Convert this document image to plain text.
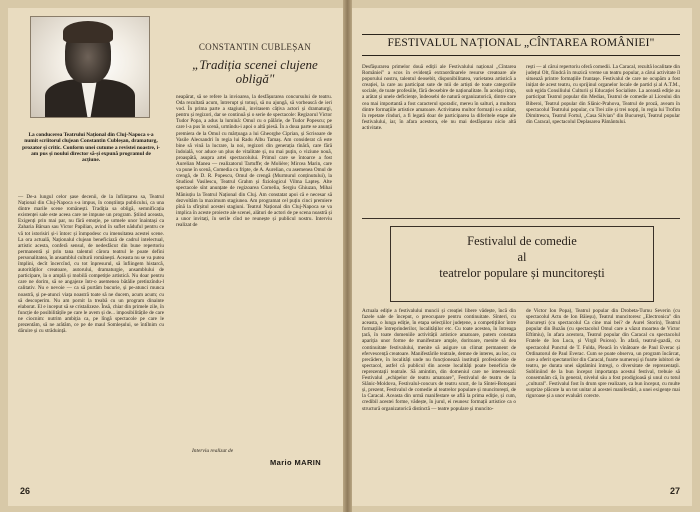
La conducerea Teatrului Național din Cluj-Napoca s-a numit scriitorul clujean Constantin Cubleșan, dramaturg, prozator și critic. Conform unei cutume a revistei noastre, i-am pus și noului director să-și expună programul de acțiune.
CONSTANTIN CUBLEȘAN
„Tradiția scenei clujene obligă"
— De-a lungul celor șase decenii, de la înființarea sa, Teatrul Național din Cluj-Napoca s-a impus, în conștiința publicului, ca una dintre marile scene românești. Tradiția sa obligă, semnificația existenței sale este aceea care ne impune un program. Știind aceasta, Exigenți prin mai par, nu fără emoție, pe urmele unor înaintași ca Zaharia Bârsan sau Victor Papilian, avind în suflet năduful pentru ce vă tot istorisiri și-i întorc și înmpodesc cu imensitatea acestei scene. La ora actuală, Naționalul clujean beneficiază de cadrul intelectual, artistic acesta, conferă sensul, de nedesfăcut din bune repertoriu permanentă și prin tana talentul cărora teatrul le poate defini personalitatea, în ansamblul culturii românești. Aceasta nu se va putea împlini, decît încercînd, cu tot înpresurul, să înfiingem histarcă, autorităților creatoare, autorului, dramaturgie, ansamblului de participare, la o amplă și mobilă competiție artistică. Nu doar pentru care ne dorim, să se angajeze într-o asemenea bătălie pretinzîndu-l calitativ. Nu e nevoie — ca să purtăm bucurie, și pe-atunci munca noastră, și pe-atunci viața noastră toate să ne ducem, acum acum; cu să descoperim. Nu am pornit la treabă cu un program dinainte elaborat. El e inceput să se cristalizeze. Însă, chiar din primele zile, în funcție de posibilitățile pe care le avem și de... imposibilitățile de care ne ciocnim: nutrim ambiția ca, pe lîngă spectacole pe care le prezentăm, să ne arătăm, ce pe de maul Somleșului, se întîlnim cu dăruire și cu străduință.
neapărat, să se refere la invioarea, la desfășurarea concursului de teatru. Oda rezultată acum, întrerupt și totuși, să nu ajungă, să vorbească de ieri vod. În prima parte a stagiunii, invitasem câțiva actori și dramaturgi, pentru și regizori, dar se continuă și o serie de spectacole: Regizorul Victor Tudor Popa, a adus la lumină: Omul cu o pălărie, de Tudor Popescu; pe care l-a pus în scenă, urmîndu-i apoi o altă piesă. În a doua parte se anunță premiera de la Omul cu mârțoaga a lui Gheorghe Ciprian, și Scrisoare de Vasile Alecsandri în regia lui Radu Albu Tamaș. Am considerat că este bine să vină la lucrare, la noi, regizori din generația tînără, care fără îndoială, vor aduce un plus de vitalitate și, nu mai puțin, o viziune nouă, proaspătă, asupra artei spectacolului. Primul care se întoarce a fost Aurelian Manea — realizatorul Tartuffe; de Molière; Mircea Marin, care va pune în scenă, Comedia cu fripte, de A. Aurelian, cu asemenea Omul de crengă, de D. R. Popescu, Omul de crengă (Murmurul conținutului), la Studioul Vasilescu, Teatrul Grahm și fiziologicul Vilma Lapteș. Alte spectacole sînt anunțate de regizoarea Cornelia, Sergiu Ghiuzan, Mihai Măniuțiu la Teatrul Național din Cluj. Am constatat apoi că e necesar să dezvoltăm la maximum stagiunea. Am programat cel puțin cinci premiere pînă la sfîrșitul acestei stagiuni. Teatrul Național din Cluj-Napoca se va implica în aceste proiecte ale scenei, alături de actori de pe scena noastră și a unor invitați, în serile cînd ne reunește și publicul nostru. Interviu realizat de
Interviu realizat de
Mario MARIN
26
FESTIVALUL NAȚIONAL „CÎNTAREA ROMÂNIEI"
Desfășurarea primelor două ediții ale Festivalului național „Cîntarea României" a scos în evidență extraordinarele resurse creatoare ale poporului nostru, talentul deosebit, disponibilitatea, varietatea artistică a creației, la care au participat sute de mii de artiști de toate categoriile sociale, de toate profesiile, fără deosebire de naționalitate. În același timp, a arătat și unele deficiențe, îndeosebi de natură organizatorică, dintre care cea mai importantă a fost caracterul sporadic, mereu în salturi, a multora dintre formațiile artistice amatoare. Activitatea multor formații s-a arătat, în repetate rînduri, a fi legată doar de participarea la diferitele etape ale festivalului, iar, în afara acestora, ele nu mai desfășurau nicio altă activitate.
rești — al cărui repertoriu oferă comedii. La Caracal, rezultă localitate din județul Olt, fiindcă în muzică vreme un teatru popular, a cărui activitate îl situează printre formațiile fruntașe. Festivalul de care ne ocupăm a fost inițiat de acest teatru, cu sprijinul organelor locale de partid și al A.T.M., sub egida Consiliului Culturii și Educației Socialiste. La această ediție au participat Teatrul popular din Medias, Teatrul de comedie al Liceului din Biberoi, Teatrul popular din Slănic-Prahova, Teatrul de proză, aveam în spectacolul Teatrului popular, cu Trei zile și trei nopți, în regia lui Trofim Dimitrescu, Teatrul Fortul, „Casa Silvian" din București, Teatrul popular din Caracal, spectacolul Deplasarea Pământului.
Festivalul de comedie
al
teatrelor populare și muncitorești
Actuala ediție a festivalului muncii și creației libere vădește, încă din fazele sale de început, o preocupare pentru continuitate. Sînteri, cu aceasta, o lunga ediție, în etapa selecțiilor județene, a competițiilor între formațiile întreprinderilor, localităților etc. Cu toate acestea, în întreaga țară, în toate domeniile activității artistice amatoare, putem constata apariția unor forme de manifestare ample, doritoare, menite să dea continuitate festivalului, menite să asigure un climat permanent de efervescență creatoare. Manifestările teatrale, demne de interes, au loc, cu precădere, în localități unde nu funcționează instituții profesioniste de spectacol, astfel că publicul din aceste localități poate beneficia de reprezentații teatrale. Să amintim, din domeniul care ne interesează: Festivalul „echipelor de teatru amatoare", Festivalul de teatru de la Slănic-Moldova, Festivalul-concurs de teatru scurt, de la Sîntei-Botoșani și, prezent, Festivalul de comedie al teatrelor populare și muncitorești, de la Caracal. Aceasta din urmă manifestare se află la prima ediție, și cum, credibil acestei forme, vădește, în jurul, ei reunesc formații artistice ca o structură organizatorică distinctă — teatre populare și muncito-
de Victor Ion Popa), Teatrul popular din Drobeta-Turnu Severin (cu spectacolul Actu de Ion Băieșu), Teatrul muncitoresc „Electronica" din București (cu spectacolul Ca cine mai bei? de Aurel Storin), Teatrul popular din Buzău (cu spectacolul Omul care a văzut moartea de Victor Eftimiu), în afara acestora, Teatrul popular din Caracal cu spectacolul Fratele de Ion Luca, și Virgil Puicea). În afară, teatrul-gazdă, cu spectacolul Punctul de T. Fulda, Pleacă în vînătoare de Paul Everac și Ordinatorul de Paul Everac. Cum se poate observa, un program încărcat, care a oferit spectatorilor din Caracal, foarte numeroși și foarte iubitori de teatru, pe durata unei săptămîni întregi, o diversitate de reprezentații. Subliniind de la bun început importanța acestui festival, trebuie să consemnăm că, în general, nivelul său a fost prodigioasă și unul cu totul „cultural". Festivalul fost în drum spre realizare, ca bun început, cu multe surprize plăcute la un tot unitar al acestei manifestări, a unei exigențe mai riguroase și a unor evaluări corecte.
27
